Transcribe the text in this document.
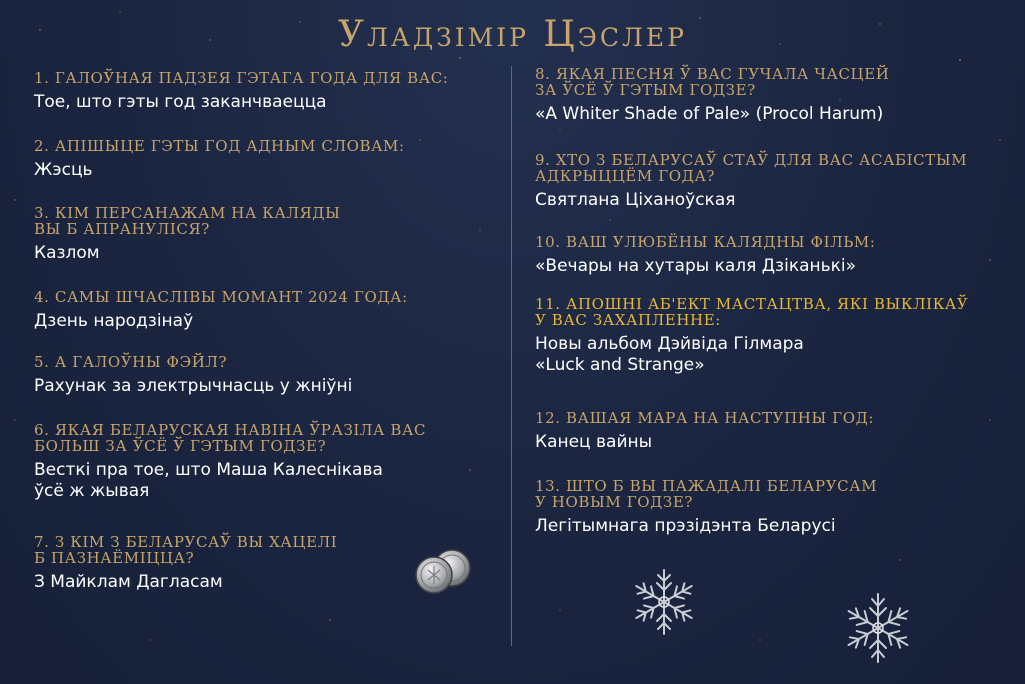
Уладзімір Цэслер
1. ГАЛОЎНАЯ ПАДЗЕЯ ГЭТАГА ГОДА ДЛЯ ВАС:
Тое, што гэты год заканчваецца
2. АПІШЫЦЕ ГЭТЫ ГОД АДНЫМ СЛОВАМ:
Жэсць
3. КІМ ПЕРСАНАЖАМ НА КАЛЯДЫ
ВЫ Б АПРАНУЛІСЯ?
Казлом
4. САМЫ ШЧАСЛІВЫ МОМАНТ 2024 ГОДА:
Дзень народзінаў
5. А ГАЛОЎНЫ ФЭЙЛ?
Рахунак за электрычнасць у жніўні
6. ЯКАЯ БЕЛАРУСКАЯ НАВІНА ЎРАЗІЛА ВАС
БОЛЬШ ЗА ЎСЁ Ў ГЭТЫМ ГОДЗЕ?
Весткі пра тое, што Маша Калеснікава
ўсё ж жывая
7. З КІМ З БЕЛАРУСАЎ ВЫ ХАЦЕЛІ
Б ПАЗНАЁМІЦЦА?
З Майклам Дагласам
8. ЯКАЯ ПЕСНЯ Ў ВАС ГУЧАЛА ЧАСЦЕЙ
ЗА ЎСЁ Ў ГЭТЫМ ГОДЗЕ?
«A Whiter Shade of Pale» (Procol Harum)
9. ХТО З БЕЛАРУСАЎ СТАЎ ДЛЯ ВАС АСАБІСТЫМ
АДКРЫЦЦЁМ ГОДА?
Святлана Ціханоўская
10. ВАШ УЛЮБЁНЫ КАЛЯДНЫ ФІЛЬМ:
«Вечары на хутары каля Дзіканькі»
11. АПОШНІ АБ'ЕКТ МАСТАЦТВА, ЯКІ ВЫКЛІКАЎ
У ВАС ЗАХАПЛЕННЕ:
Новы альбом Дэйвіда Гілмара
«Luck and Strange»
12. ВАШАЯ МАРА НА НАСТУПНЫ ГОД:
Канец вайны
13. ШТО Б ВЫ ПАЖАДАЛІ БЕЛАРУСАМ
У НОВЫМ ГОДЗЕ?
Легітымнага прэзідэнта Беларусі
